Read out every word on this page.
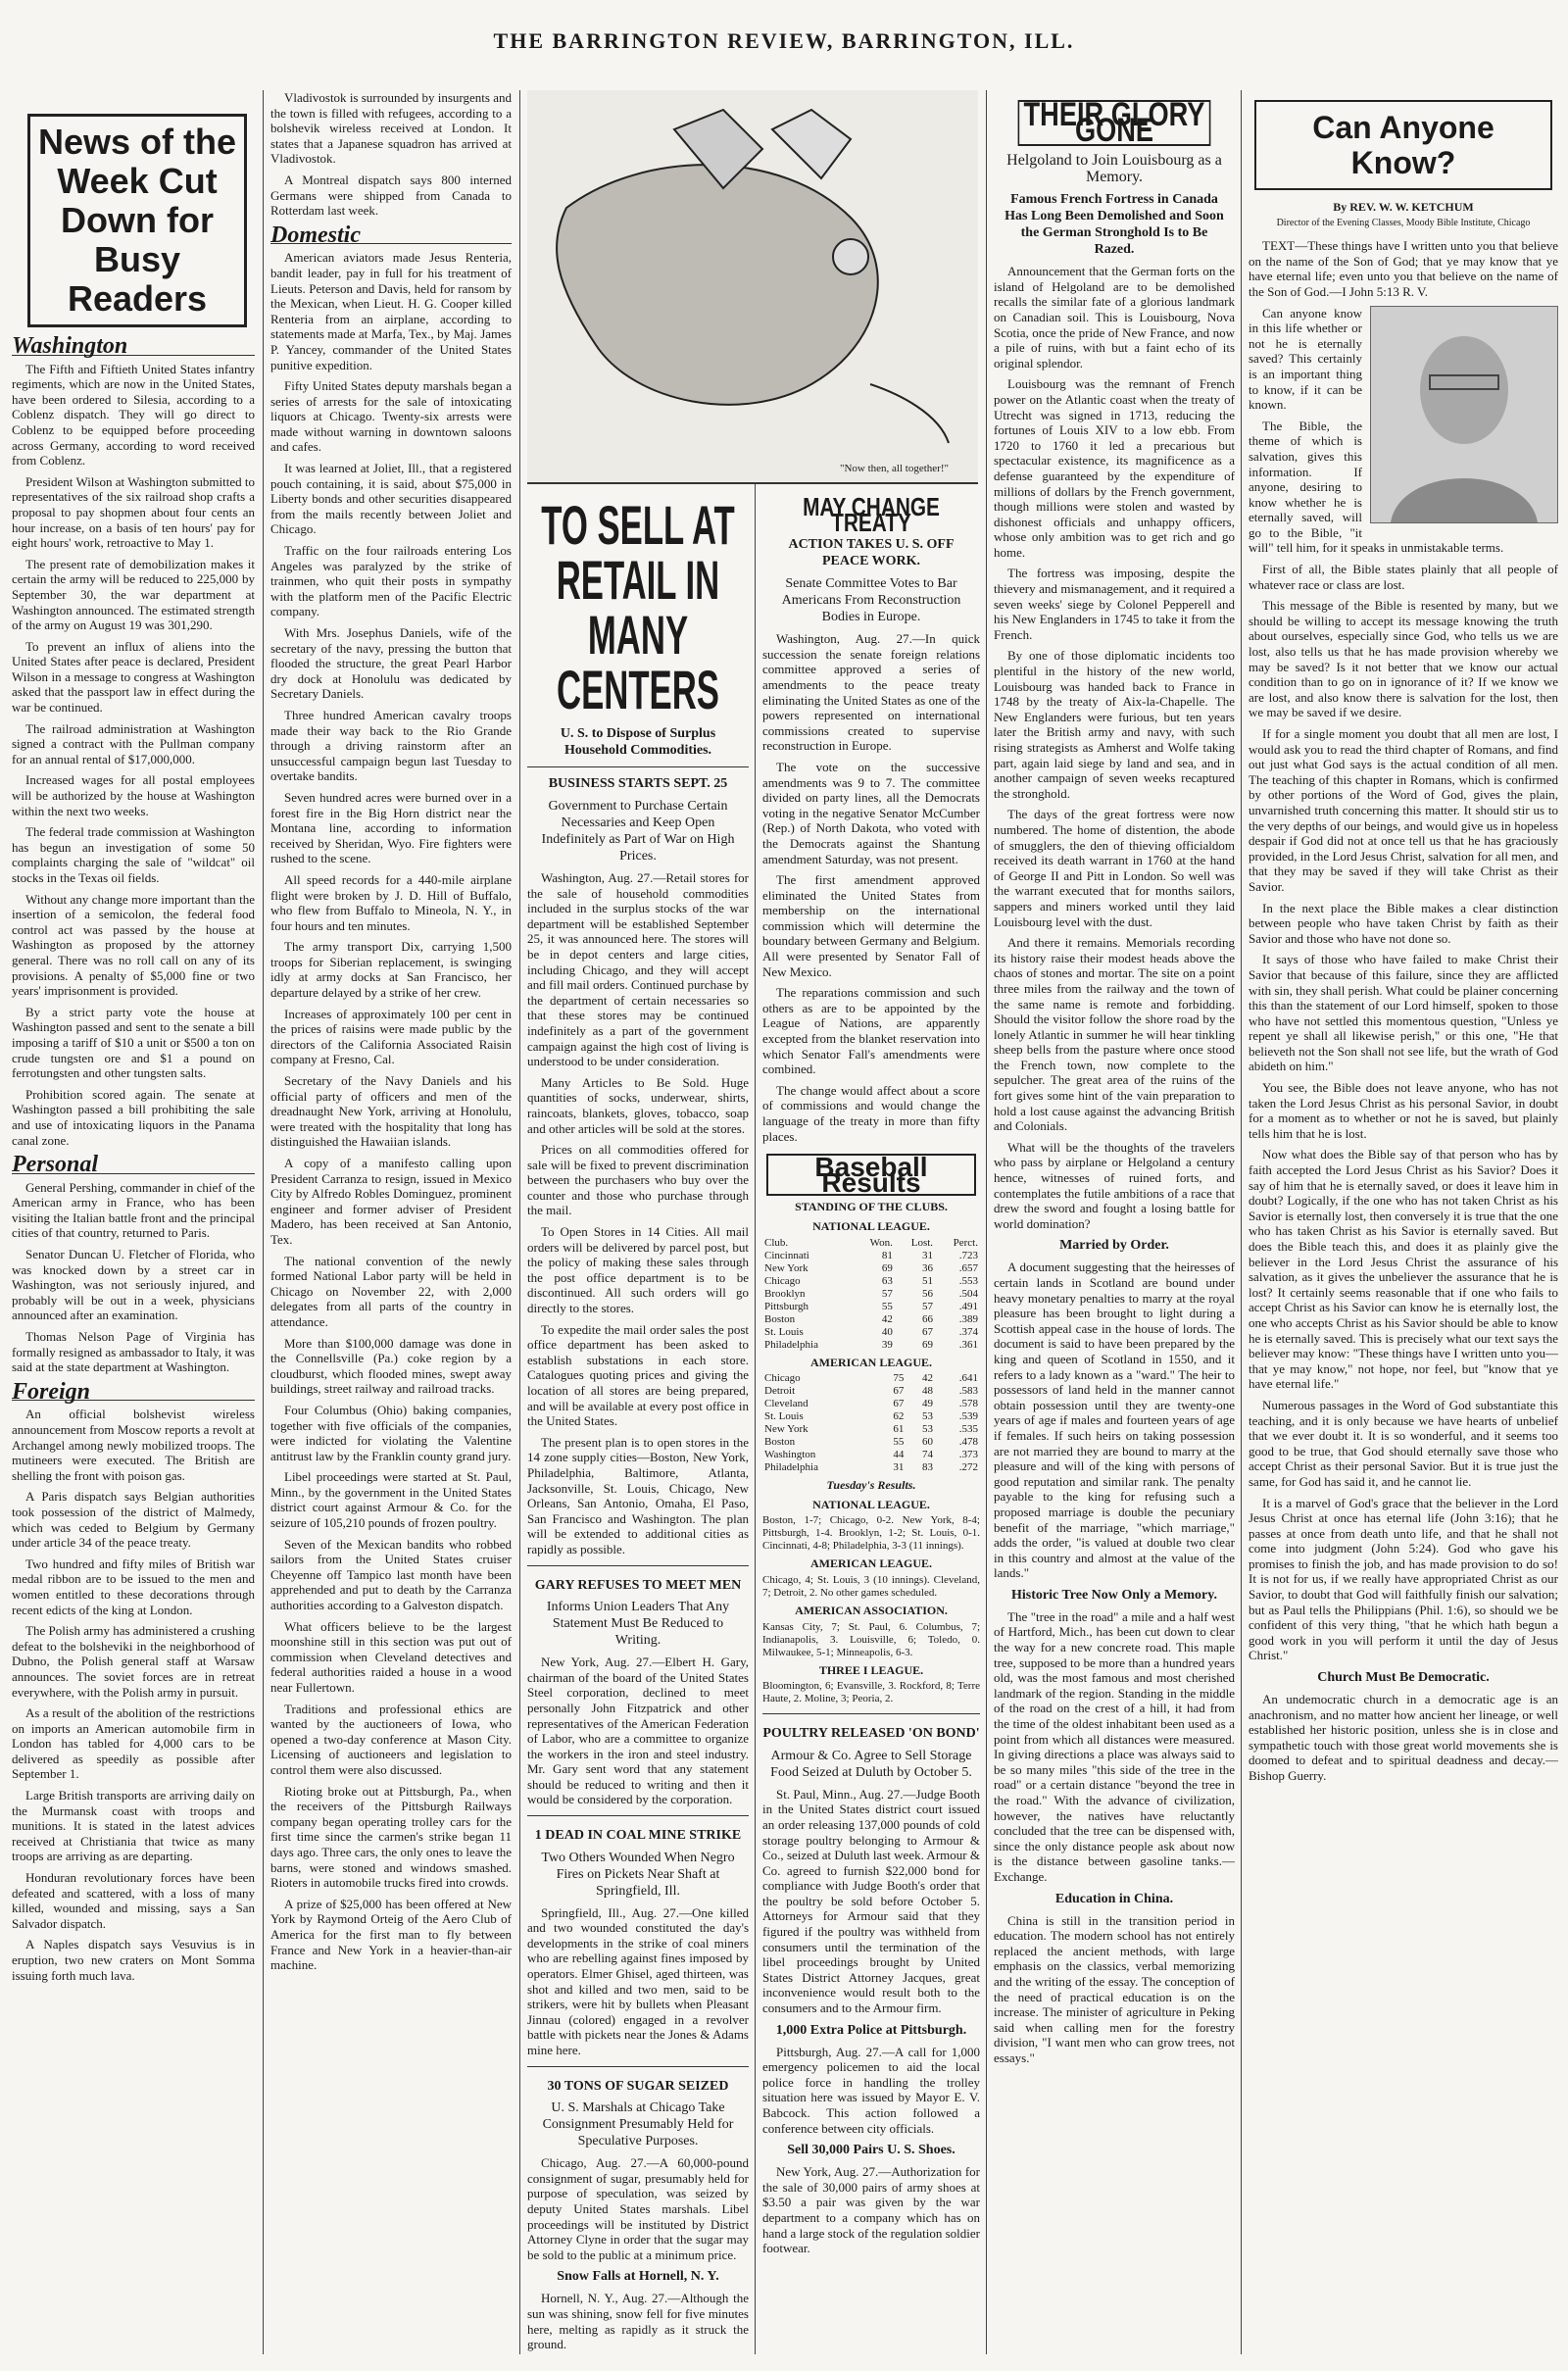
THE BARRINGTON REVIEW, BARRINGTON, ILL.
News of the Week Cut Down for Busy Readers
Washington

The Fifth and Fiftieth United States infantry regiments, which are now in the United States, have been ordered to Silesia, according to a Coblenz dispatch. They will go direct to Coblenz to be equipped before proceeding across Germany, according to word received from Coblenz.

President Wilson at Washington submitted to representatives of the six railroad shop crafts a proposal to pay shopmen about four cents an hour increase, on a basis of ten hours' pay for eight hours' work, retroactive to May 1.

The present rate of demobilization makes it certain the army will be reduced to 225,000 by September 30, the war department at Washington announced. The estimated strength of the army on August 19 was 301,290.

To prevent an influx of aliens into the United States after peace is declared, President Wilson in a message to congress at Washington asked that the passport law in effect during the war be continued.

The railroad administration at Washington signed a contract with the Pullman company for an annual rental of $17,000,000.

Increased wages for all postal employees will be authorized by the house at Washington within the next two weeks.

The federal trade commission at Washington has begun an investigation of some 50 complaints charging the sale of "wildcat" oil stocks in the Texas oil fields.

Without any change more important than the insertion of a semicolon, the federal food control act was passed by the house at Washington as proposed by the attorney general. There was no roll call on any of its provisions. A penalty of $5,000 fine or two years' imprisonment is provided.

By a strict party vote the house at Washington passed and sent to the senate a bill imposing a tariff of $10 a unit or $500 a ton on crude tungsten ore and $1 a pound on ferrotungsten and other tungsten salts.

Prohibition scored again. The senate at Washington passed a bill prohibiting the sale and use of intoxicating liquors in the Panama canal zone.

Personal

General Pershing, commander in chief of the American army in France, who has been visiting the Italian battle front and the principal cities of that country, returned to Paris.

Senator Duncan U. Fletcher of Florida, who was knocked down by a street car in Washington, was not seriously injured, and probably will be out in a week, physicians announced after an examination.

Thomas Nelson Page of Virginia has formally resigned as ambassador to Italy, it was said at the state department at Washington.

Foreign

An official bolshevist wireless announcement from Moscow reports a revolt at Archangel among newly mobilized troops. The mutineers were executed. The British are shelling the front with poison gas.

A Paris dispatch says Belgian authorities took possession of the district of Malmedy, which was ceded to Belgium by Germany under article 34 of the peace treaty.

Two hundred and fifty miles of British war medal ribbon are to be issued to the men and women entitled to these decorations through recent edicts of the king at London.

The Polish army has administered a crushing defeat to the bolsheviki in the neighborhood of Dubno, the Polish general staff at Warsaw announces. The soviet forces are in retreat everywhere, with the Polish army in pursuit.

As a result of the abolition of the restrictions on imports an American automobile firm in London has tabled for 4,000 cars to be delivered as speedily as possible after September 1.

Large British transports are arriving daily on the Murmansk coast with troops and munitions. It is stated in the latest advices received at Christiania that twice as many troops are arriving as are departing.

Honduran revolutionary forces have been defeated and scattered, with a loss of many killed, wounded and missing, says a San Salvador dispatch.

A Naples dispatch says Vesuvius is in eruption, two new craters on Mont Somma issuing forth much lava.

Vladivostok is surrounded by insurgents and the town is filled with refugees, according to a bolshevik wireless received at London. It states that a Japanese squadron has arrived at Vladivostok.

A Montreal dispatch says 800 interned Germans were shipped from Canada to Rotterdam last week.

Domestic

American aviators made Jesus Renteria, bandit leader, pay in full for his treatment of Lieuts. Peterson and Davis, held for ransom by the Mexican, when Lieut. H. G. Cooper killed Renteria from an airplane, according to statements made at Marfa, Tex., by Maj. James P. Yancey, commander of the United States punitive expedition.

Fifty United States deputy marshals began a series of arrests for the sale of intoxicating liquors at Chicago. Twenty-six arrests were made without warning in downtown saloons and cafes.

It was learned at Joliet, Ill., that a registered pouch containing, it is said, about $75,000 in Liberty bonds and other securities disappeared from the mails recently between Joliet and Chicago.

Traffic on the four railroads entering Los Angeles was paralyzed by the strike of trainmen, who quit their posts in sympathy with the platform men of the Pacific Electric company.

With Mrs. Josephus Daniels, wife of the secretary of the navy, pressing the button that flooded the structure, the great Pearl Harbor dry dock at Honolulu was dedicated by Secretary Daniels.

Three hundred American cavalry troops made their way back to the Rio Grande through a driving rainstorm after an unsuccessful campaign begun last Tuesday to overtake bandits.

Seven hundred acres were burned over in a forest fire in the Big Horn district near the Montana line, according to information received by Sheridan, Wyo. Fire fighters were rushed to the scene.

All speed records for a 440-mile airplane flight were broken by J. D. Hill of Buffalo, who flew from Buffalo to Mineola, N. Y., in four hours and ten minutes.

The army transport Dix, carrying 1,500 troops for Siberian replacement, is swinging idly at army docks at San Francisco, her departure delayed by a strike of her crew.

Increases of approximately 100 per cent in the prices of raisins were made public by the directors of the California Associated Raisin company at Fresno, Cal.

Secretary of the Navy Daniels and his official party of officers and men of the dreadnaught New York, arriving at Honolulu, were treated with the hospitality that long has distinguished the Hawaiian islands.

A copy of a manifesto calling upon President Carranza to resign, issued in Mexico City by Alfredo Robles Dominguez, prominent engineer and former adviser of President Madero, has been received at San Antonio, Tex.

The national convention of the newly formed National Labor party will be held in Chicago on November 22, with 2,000 delegates from all parts of the country in attendance.

More than $100,000 damage was done in the Connellsville (Pa.) coke region by a cloudburst, which flooded mines, swept away buildings, street railway and railroad tracks.

Four Columbus (Ohio) baking companies, together with five officials of the companies, were indicted for violating the Valentine antitrust law by the Franklin county grand jury.

Libel proceedings were started at St. Paul, Minn., by the government in the United States district court against Armour & Co. for the seizure of 105,210 pounds of frozen poultry.

Seven of the Mexican bandits who robbed sailors from the United States cruiser Cheyenne off Tampico last month have been apprehended and put to death by the Carranza authorities according to a Galveston dispatch.

What officers believe to be the largest moonshine still in this section was put out of commission when Cleveland detectives and federal authorities raided a house in a wood near Fullertown.

Traditions and professional ethics are wanted by the auctioneers of Iowa, who opened a two-day conference at Mason City. Licensing of auctioneers and legislation to control them were also discussed.

Rioting broke out at Pittsburgh, Pa., when the receivers of the Pittsburgh Railways company began operating trolley cars for the first time since the carmen's strike began 11 days ago. Three cars, the only ones to leave the barns, were stoned and windows smashed. Rioters in automobile trucks fired into crowds.

A prize of $25,000 has been offered at New York by Raymond Orteig of the Aero Club of America for the first man to fly between France and New York in a heavier-than-air machine.

"Now then, all together!"
TO SELL AT RETAIL IN MANY CENTERS
U. S. to Dispose of Surplus Household Commodities.
BUSINESS STARTS SEPT. 25
Government to Purchase Certain Necessaries and Keep Open Indefinitely as Part of War on High Prices.

Washington, Aug. 27.—Retail stores for the sale of household commodities included in the surplus stocks of the war department will be established September 25, it was announced here. The stores will be in depot centers and large cities, including Chicago, and they will accept and fill mail orders. Continued purchase by the department of certain necessaries so that these stores may be continued indefinitely as a part of the government campaign against the high cost of living is understood to be under consideration.

Many Articles to Be Sold. Huge quantities of socks, underwear, shirts, raincoats, blankets, gloves, tobacco, soap and other articles will be sold at the stores.

Prices on all commodities offered for sale will be fixed to prevent discrimination between the purchasers who buy over the counter and those who purchase through the mail.

To Open Stores in 14 Cities. All mail orders will be delivered by parcel post, but the policy of making these sales through the post office department is to be discontinued. All such orders will go directly to the stores.

To expedite the mail order sales the post office department has been asked to establish substations in each store. Catalogues quoting prices and giving the location of all stores are being prepared, and will be available at every post office in the United States.

The present plan is to open stores in the 14 zone supply cities—Boston, New York, Philadelphia, Baltimore, Atlanta, Jacksonville, St. Louis, Chicago, New Orleans, San Antonio, Omaha, El Paso, San Francisco and Washington. The plan will be extended to additional cities as rapidly as possible.

GARY REFUSES TO MEET MEN
Informs Union Leaders That Any Statement Must Be Reduced to Writing.

New York, Aug. 27.—Elbert H. Gary, chairman of the board of the United States Steel corporation, declined to meet personally John Fitzpatrick and other representatives of the American Federation of Labor, who are a committee to organize the workers in the iron and steel industry. Mr. Gary sent word that any statement should be reduced to writing and then it would be considered by the corporation.

1 DEAD IN COAL MINE STRIKE
Two Others Wounded When Negro Fires on Pickets Near Shaft at Springfield, Ill.

Springfield, Ill., Aug. 27.—One killed and two wounded constituted the day's developments in the strike of coal miners who are rebelling against fines imposed by operators. Elmer Ghisel, aged thirteen, was shot and killed and two men, said to be strikers, were hit by bullets when Pleasant Jinnau (colored) engaged in a revolver battle with pickets near the Jones & Adams mine here.

30 TONS OF SUGAR SEIZED
U. S. Marshals at Chicago Take Consignment Presumably Held for Speculative Purposes.

Chicago, Aug. 27.—A 60,000-pound consignment of sugar, presumably held for purpose of speculation, was seized by deputy United States marshals. Libel proceedings will be instituted by District Attorney Clyne in order that the sugar may be sold to the public at a minimum price.

Snow Falls at Hornell, N. Y.

Hornell, N. Y., Aug. 27.—Although the sun was shining, snow fell for five minutes here, melting as rapidly as it struck the ground.

MAY CHANGE TREATY
ACTION TAKES U. S. OFF PEACE WORK.
Senate Committee Votes to Bar Americans From Reconstruction Bodies in Europe.

Washington, Aug. 27.—In quick succession the senate foreign relations committee approved a series of amendments to the peace treaty eliminating the United States as one of the powers represented on international commissions created to supervise reconstruction in Europe.

The vote on the successive amendments was 9 to 7. The committee divided on party lines, all the Democrats voting in the negative Senator McCumber (Rep.) of North Dakota, who voted with the Democrats against the Shantung amendment Saturday, was not present.

The first amendment approved eliminated the United States from membership on the international commission which will determine the boundary between Germany and Belgium. All were presented by Senator Fall of New Mexico.

The reparations commission and such others as are to be appointed by the League of Nations, are apparently excepted from the blanket reservation into which Senator Fall's amendments were combined.

The change would affect about a score of commissions and would change the language of the treaty in more than fifty places.

Baseball Results
STANDING OF THE CLUBS.
NATIONAL LEAGUE.
Club.	Won.	Lost.	Perct.
Cincinnati	81	31	.723
New York	69	36	.657
Chicago	63	51	.553
Brooklyn	57	56	.504
Pittsburgh	55	57	.491
Boston	42	66	.389
St. Louis	40	67	.374
Philadelphia	39	69	.361
AMERICAN LEAGUE.
Chicago	75	42	.641
Detroit	67	48	.583
Cleveland	67	49	.578
St. Louis	62	53	.539
New York	61	53	.535
Boston	55	60	.478
Washington	44	74	.373
Philadelphia	31	83	.272
Tuesday's Results.
NATIONAL LEAGUE.
Boston, 1-7; Chicago, 0-2. New York, 8-4; Pittsburgh, 1-4. Brooklyn, 1-2; St. Louis, 0-1. Cincinnati, 4-8; Philadelphia, 3-3 (11 innings).
AMERICAN LEAGUE.
Chicago, 4; St. Louis, 3 (10 innings). Cleveland, 7; Detroit, 2. No other games scheduled.
AMERICAN ASSOCIATION.
Kansas City, 7; St. Paul, 6. Columbus, 7; Indianapolis, 3. Louisville, 6; Toledo, 0. Milwaukee, 5-1; Minneapolis, 6-3.
THREE I LEAGUE.
Bloomington, 6; Evansville, 3. Rockford, 8; Terre Haute, 2. Moline, 3; Peoria, 2.
POULTRY RELEASED 'ON BOND'
Armour & Co. Agree to Sell Storage Food Seized at Duluth by October 5.

St. Paul, Minn., Aug. 27.—Judge Booth in the United States district court issued an order releasing 137,000 pounds of cold storage poultry belonging to Armour & Co., seized at Duluth last week. Armour & Co. agreed to furnish $22,000 bond for compliance with Judge Booth's order that the poultry be sold before October 5. Attorneys for Armour said that they figured if the poultry was withheld from consumers until the termination of the libel proceedings brought by United States District Attorney Jacques, great inconvenience would result both to the consumers and to the Armour firm.

1,000 Extra Police at Pittsburgh.

Pittsburgh, Aug. 27.—A call for 1,000 emergency policemen to aid the local police force in handling the trolley situation here was issued by Mayor E. V. Babcock. This action followed a conference between city officials.

Sell 30,000 Pairs U. S. Shoes.

New York, Aug. 27.—Authorization for the sale of 30,000 pairs of army shoes at $3.50 a pair was given by the war department to a company which has on hand a large stock of the regulation soldier footwear.

THEIR GLORY GONE
Helgoland to Join Louisbourg as a Memory.
Famous French Fortress in Canada Has Long Been Demolished and Soon the German Stronghold Is to Be Razed.

Announcement that the German forts on the island of Helgoland are to be demolished recalls the similar fate of a glorious landmark on Canadian soil. This is Louisbourg, Nova Scotia, once the pride of New France, and now a pile of ruins, with but a faint echo of its original splendor.

Louisbourg was the remnant of French power on the Atlantic coast when the treaty of Utrecht was signed in 1713, reducing the fortunes of Louis XIV to a low ebb. From 1720 to 1760 it led a precarious but spectacular existence, its magnificence as a defense guaranteed by the expenditure of millions of dollars by the French government, though millions were stolen and wasted by dishonest officials and unhappy officers, whose only ambition was to get rich and go home.

The fortress was imposing, despite the thievery and mismanagement, and it required a seven weeks' siege by Colonel Pepperell and his New Englanders in 1745 to take it from the French.

By one of those diplomatic incidents too plentiful in the history of the new world, Louisbourg was handed back to France in 1748 by the treaty of Aix-la-Chapelle. The New Englanders were furious, but ten years later the British army and navy, with such rising strategists as Amherst and Wolfe taking part, again laid siege by land and sea, and in another campaign of seven weeks recaptured the stronghold.

The days of the great fortress were now numbered. The home of distention, the abode of smugglers, the den of thieving officialdom received its death warrant in 1760 at the hand of George II and Pitt in London. So well was the warrant executed that for months sailors, sappers and miners worked until they laid Louisbourg level with the dust.

And there it remains. Memorials recording its history raise their modest heads above the chaos of stones and mortar. The site on a point three miles from the railway and the town of the same name is remote and forbidding. Should the visitor follow the shore road by the lonely Atlantic in summer he will hear tinkling sheep bells from the pasture where once stood the French town, now complete to the sepulcher. The great area of the ruins of the fort gives some hint of the vain preparation to hold a lost cause against the advancing British and Colonials.

What will be the thoughts of the travelers who pass by airplane or Helgoland a century hence, witnesses of ruined forts, and contemplates the futile ambitions of a race that drew the sword and fought a losing battle for world domination?

Married by Order.

A document suggesting that the heiresses of certain lands in Scotland are bound under heavy monetary penalties to marry at the royal pleasure has been brought to light during a Scottish appeal case in the house of lords. The document is said to have been prepared by the king and queen of Scotland in 1550, and it refers to a lady known as a "ward." The heir to possessors of land held in the manner cannot obtain possession until they are twenty-one years of age if males and fourteen years of age if females. If such heirs on taking possession are not married they are bound to marry at the pleasure and will of the king with persons of good reputation and similar rank. The penalty payable to the king for refusing such a proposed marriage is double the pecuniary benefit of the marriage, "which marriage," adds the order, "is valued at double two clear in this country and almost at the value of the lands."

Historic Tree Now Only a Memory.

The "tree in the road" a mile and a half west of Hartford, Mich., has been cut down to clear the way for a new concrete road. This maple tree, supposed to be more than a hundred years old, was the most famous and most cherished landmark of the region. Standing in the middle of the road on the crest of a hill, it had from the time of the oldest inhabitant been used as a point from which all distances were measured. In giving directions a place was always said to be so many miles "this side of the tree in the road" or a certain distance "beyond the tree in the road." With the advance of civilization, however, the natives have reluctantly concluded that the tree can be dispensed with, since the only distance people ask about now is the distance between gasoline tanks.—Exchange.

Education in China.

China is still in the transition period in education. The modern school has not entirely replaced the ancient methods, with large emphasis on the classics, verbal memorizing and the writing of the essay. The conception of the need of practical education is on the increase. The minister of agriculture in Peking said when calling men for the forestry division, "I want men who can grow trees, not essays."

Can Anyone Know?
By REV. W. W. KETCHUM
Director of the Evening Classes, Moody Bible Institute, Chicago

TEXT—These things have I written unto you that believe on the name of the Son of God; that ye may know that ye have eternal life; even unto you that believe on the name of the Son of God.—I John 5:13 R. V.

Can anyone know in this life whether or not he is eternally saved? This certainly is an important thing to know, if it can be known.

The Bible, the theme of which is salvation, gives this information. If anyone, desiring to know whether he is eternally saved, will go to the Bible, "it will" tell him, for it speaks in unmistakable terms.

First of all, the Bible states plainly that all people of whatever race or class are lost.

This message of the Bible is resented by many, but we should be willing to accept its message knowing the truth about ourselves, especially since God, who tells us we are lost, also tells us that he has made provision whereby we may be saved? Is it not better that we know our actual condition than to go on in ignorance of it? If we know we are lost, and also know there is salvation for the lost, then we may be saved if we desire.

If for a single moment you doubt that all men are lost, I would ask you to read the third chapter of Romans, and find out just what God says is the actual condition of all men. The teaching of this chapter in Romans, which is confirmed by other portions of the Word of God, gives the plain, unvarnished truth concerning this matter. It should stir us to the very depths of our beings, and would give us in hopeless despair if God did not at once tell us that he has graciously provided, in the Lord Jesus Christ, salvation for all men, and that they may be saved if they will take Christ as their Savior.

In the next place the Bible makes a clear distinction between people who have taken Christ by faith as their Savior and those who have not done so.

It says of those who have failed to make Christ their Savior that because of this failure, since they are afflicted with sin, they shall perish. What could be plainer concerning this than the statement of our Lord himself, spoken to those who have not settled this momentous question, "Unless ye repent ye shall all likewise perish," or this one, "He that believeth not the Son shall not see life, but the wrath of God abideth on him."

You see, the Bible does not leave anyone, who has not taken the Lord Jesus Christ as his personal Savior, in doubt for a moment as to whether or not he is saved, but plainly tells him that he is lost.

Now what does the Bible say of that person who has by faith accepted the Lord Jesus Christ as his Savior? Does it say of him that he is eternally saved, or does it leave him in doubt? Logically, if the one who has not taken Christ as his Savior is eternally lost, then conversely it is true that the one who has taken Christ as his Savior is eternally saved. But does the Bible teach this, and does it as plainly give the believer in the Lord Jesus Christ the assurance of his salvation, as it gives the unbeliever the assurance that he is lost? It certainly seems reasonable that if one who fails to accept Christ as his Savior can know he is eternally lost, the one who accepts Christ as his Savior should be able to know he is eternally saved. This is precisely what our text says the believer may know: "These things have I written unto you—that ye may know," not hope, nor feel, but "know that ye have eternal life."

Numerous passages in the Word of God substantiate this teaching, and it is only because we have hearts of unbelief that we ever doubt it. It is so wonderful, and it seems too good to be true, that God should eternally save those who accept Christ as their personal Savior. But it is true just the same, for God has said it, and he cannot lie.

It is a marvel of God's grace that the believer in the Lord Jesus Christ at once has eternal life (John 3:16); that he passes at once from death unto life, and that he shall not come into judgment (John 5:24). God who gave his promises to finish the job, and has made provision to do so! It is not for us, if we really have appropriated Christ as our Savior, to doubt that God will faithfully finish our salvation; but as Paul tells the Philippians (Phil. 1:6), so should we be confident of this very thing, "that he which hath begun a good work in you will perform it until the day of Jesus Christ."

Church Must Be Democratic.

An undemocratic church in a democratic age is an anachronism, and no matter how ancient her lineage, or well established her historic position, unless she is in close and sympathetic touch with those great world movements she is doomed to defeat and to spiritual deadness and decay.—Bishop Guerry.
